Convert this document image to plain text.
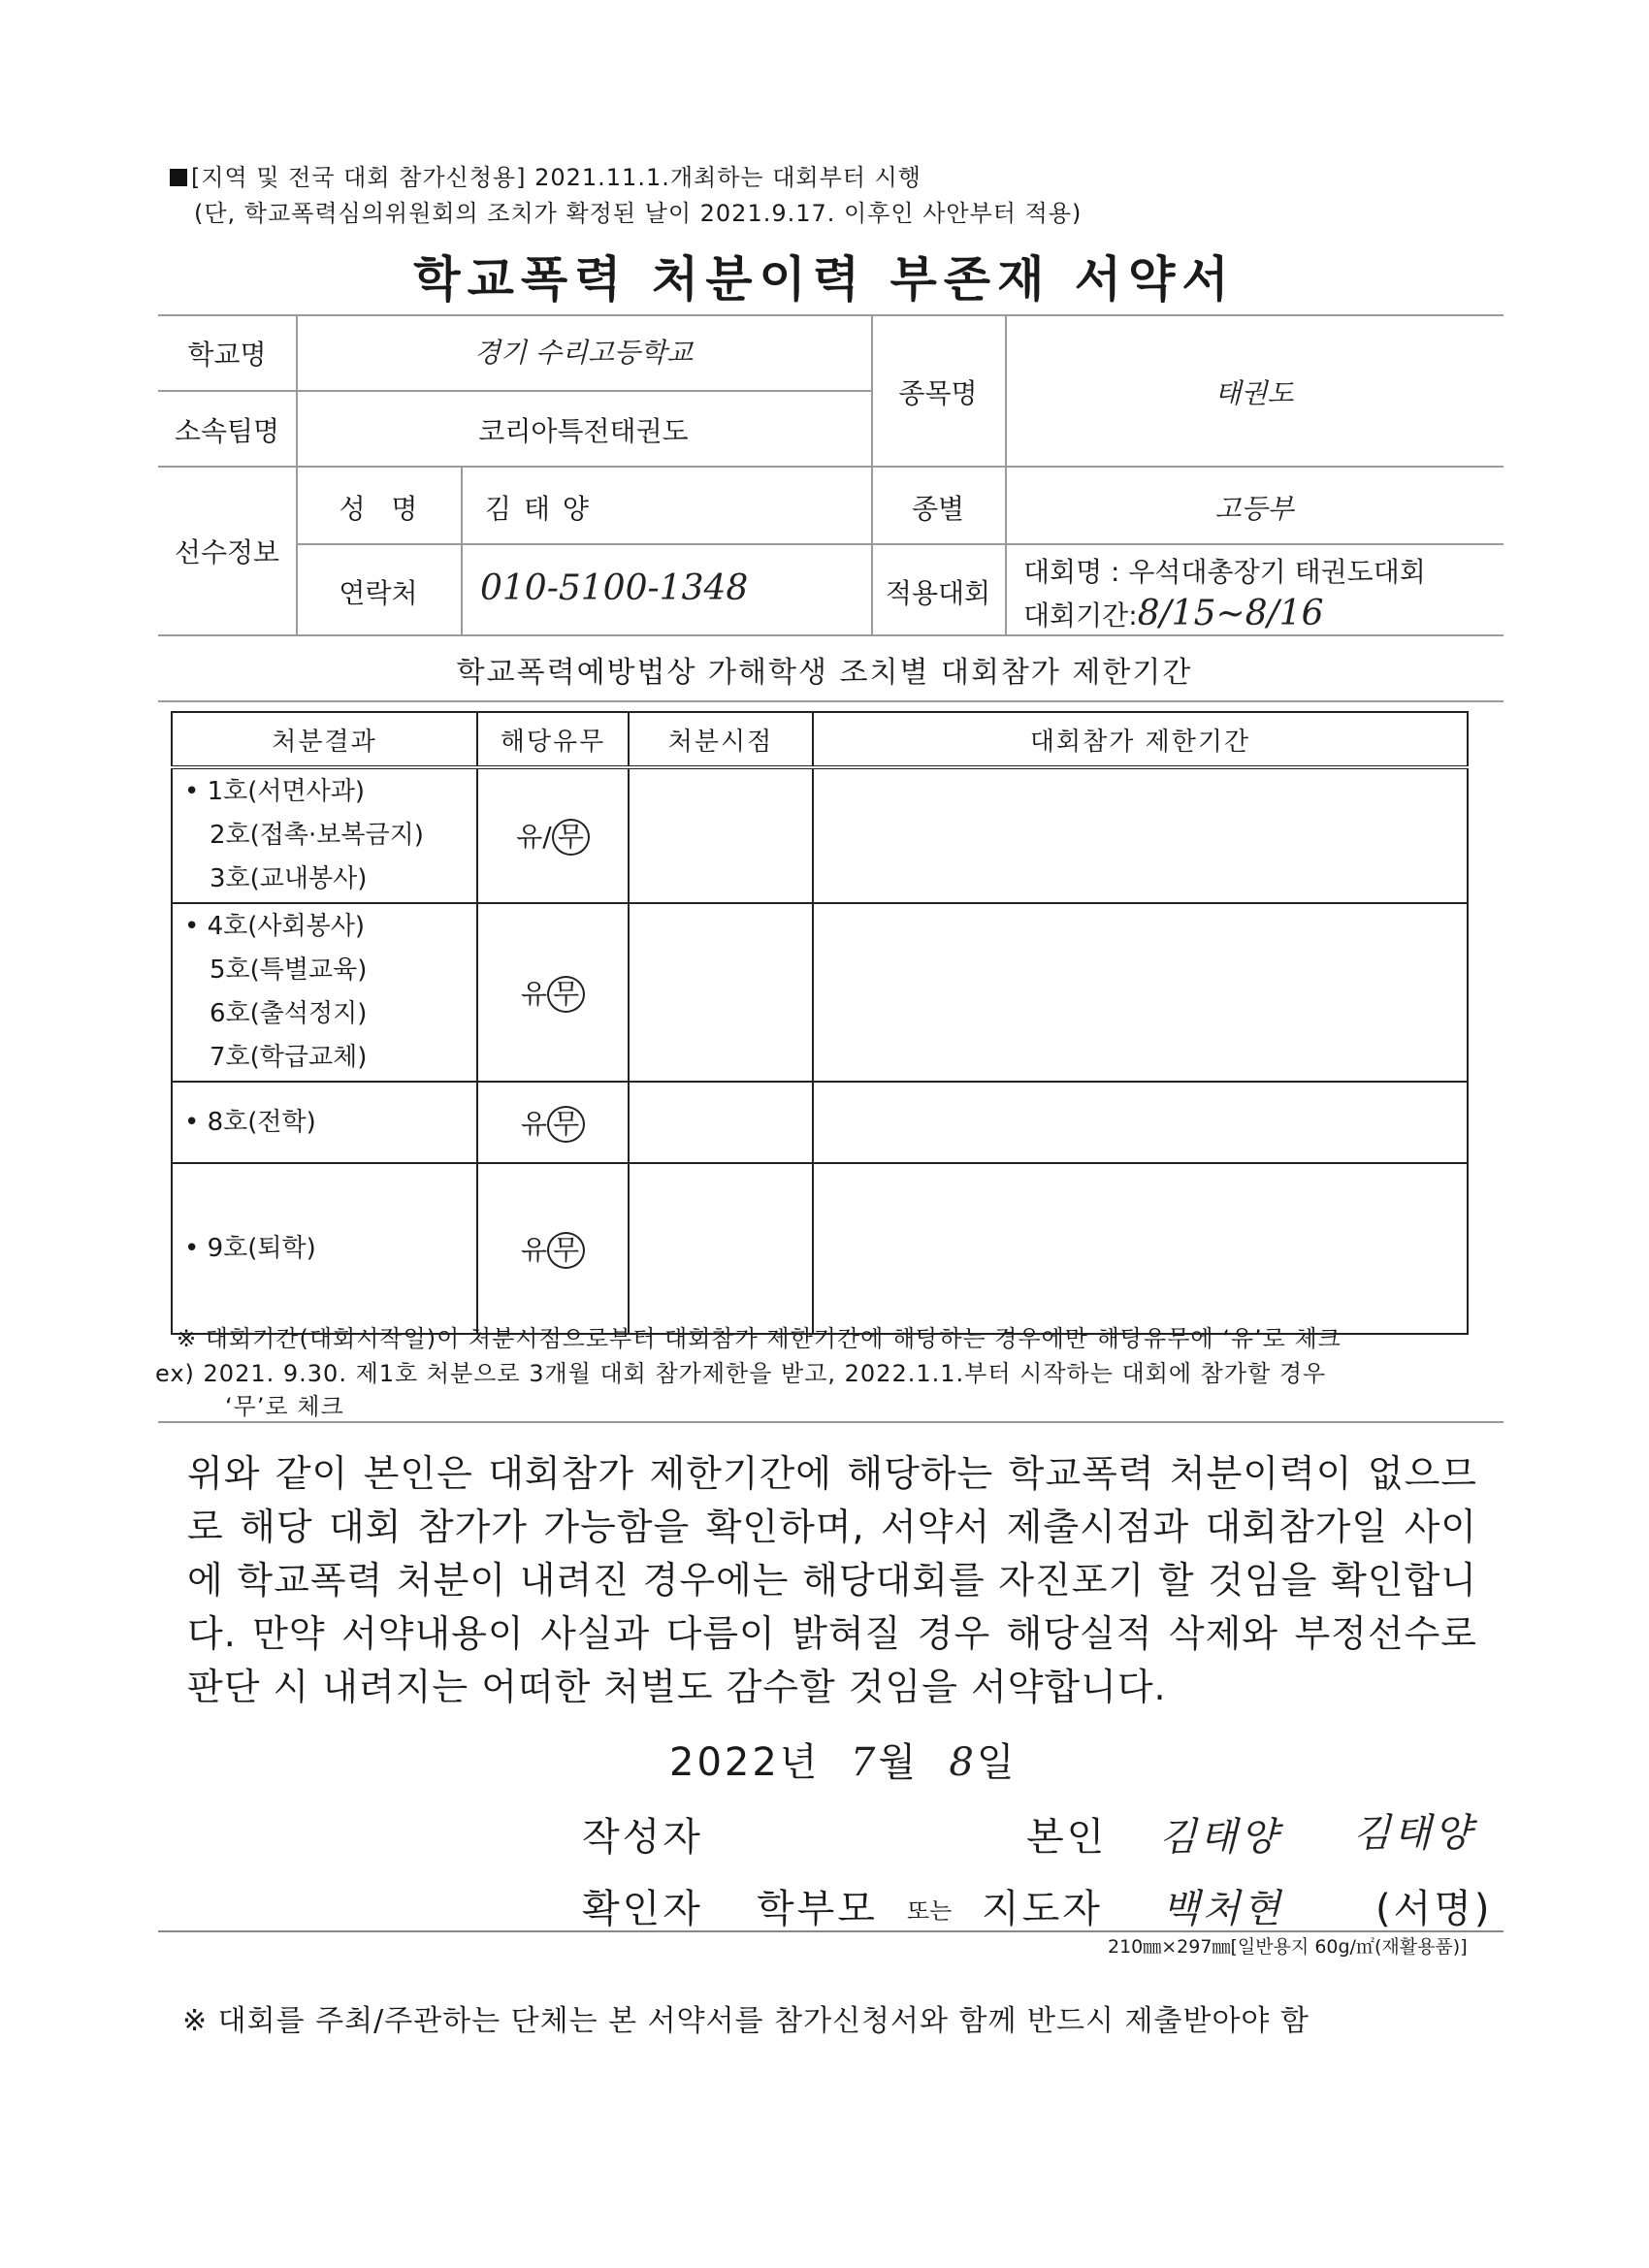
[지역 및 전국 대회 참가신청용] 2021.11.1.개최하는 대회부터 시행
(단, 학교폭력심의위원회의 조치가 확정된 날이 2021.9.17. 이후인 사안부터 적용)
학교폭력 처분이력 부존재 서약서
학교명	경기 수리고등학교
소속팀명	코리아특전태권도
종목명	태권도
선수정보
성   명	김 태 양	종별	고등부
연락처	010-5100-1348	적용대회
대회명 : 우석대총장기 태권도대회
대회기간:8/15~8/16
학교폭력예방법상 가해학생 조치별 대회참가 제한기간
처분결과	해당유무	처분시점	대회참가 제한기간

• 1호(서면사과)
2호(접촉·보복금지)
3호(교내봉사)	유/ 무		

• 4호(사회봉사)
5호(특별교육)
6호(출석정지)
7호(학급교체)	유 무		

• 8호(전학)	유 무		

• 9호(퇴학)	유 무		
※ 대회기간(대회시작일)이 처분시점으로부터 대회참가 제한기간에 해당하는 경우에만 해당유무에 ‘유’로 체크
ex) 2021. 9.30. 제1호 처분으로 3개월 대회 참가제한을 받고, 2022.1.1.부터 시작하는 대회에 참가할 경우
‘무’로 체크
위와 같이 본인은 대회참가 제한기간에 해당하는 학교폭력 처분이력이 없으므로 해당 대회 참가가 가능함을 확인하며, 서약서 제출시점과 대회참가일 사이에 학교폭력 처분이 내려진 경우에는 해당대회를 자진포기 할 것임을 확인합니다. 만약 서약내용이 사실과 다름이 밝혀질 경우 해당실적 삭제와 부정선수로 판단 시 내려지는 어떠한 처벌도 감수할 것임을 서약합니다.
2022년 7월 8일
작성자	본인 김태양 김태양
확인자 학부모 또는 지도자 백처현 (서명)
210㎜×297㎜[일반용지 60g/㎡(재활용품)]
※ 대회를 주최/주관하는 단체는 본 서약서를 참가신청서와 함께 반드시 제출받아야 함
